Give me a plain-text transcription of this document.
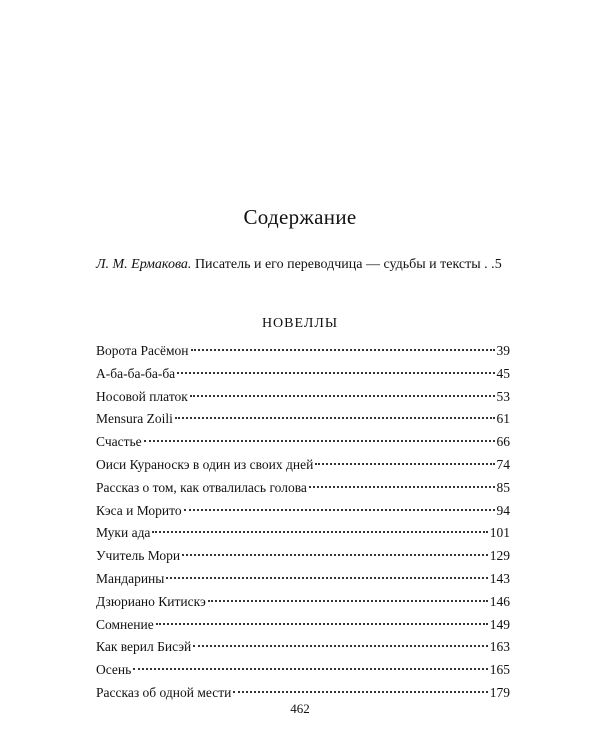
Содержание
Л. М. Ермакова. Писатель и его переводчица — судьбы и тексты . .5
НОВЕЛЛЫ
Ворота Расёмон	39
А-ба-ба-ба-ба	45
Носовой платок	53
Mensura Zoili	61
Счастье	66
Оиси Кураноскэ в один из своих дней	74
Рассказ о том, как отвалилась голова	85
Кэса и Морито	94
Муки ада	101
Учитель Мори	129
Мандарины	143
Дзюриано Китискэ	146
Сомнение	149
Как верил Бисэй	163
Осень	165
Рассказ об одной мести	179
462
